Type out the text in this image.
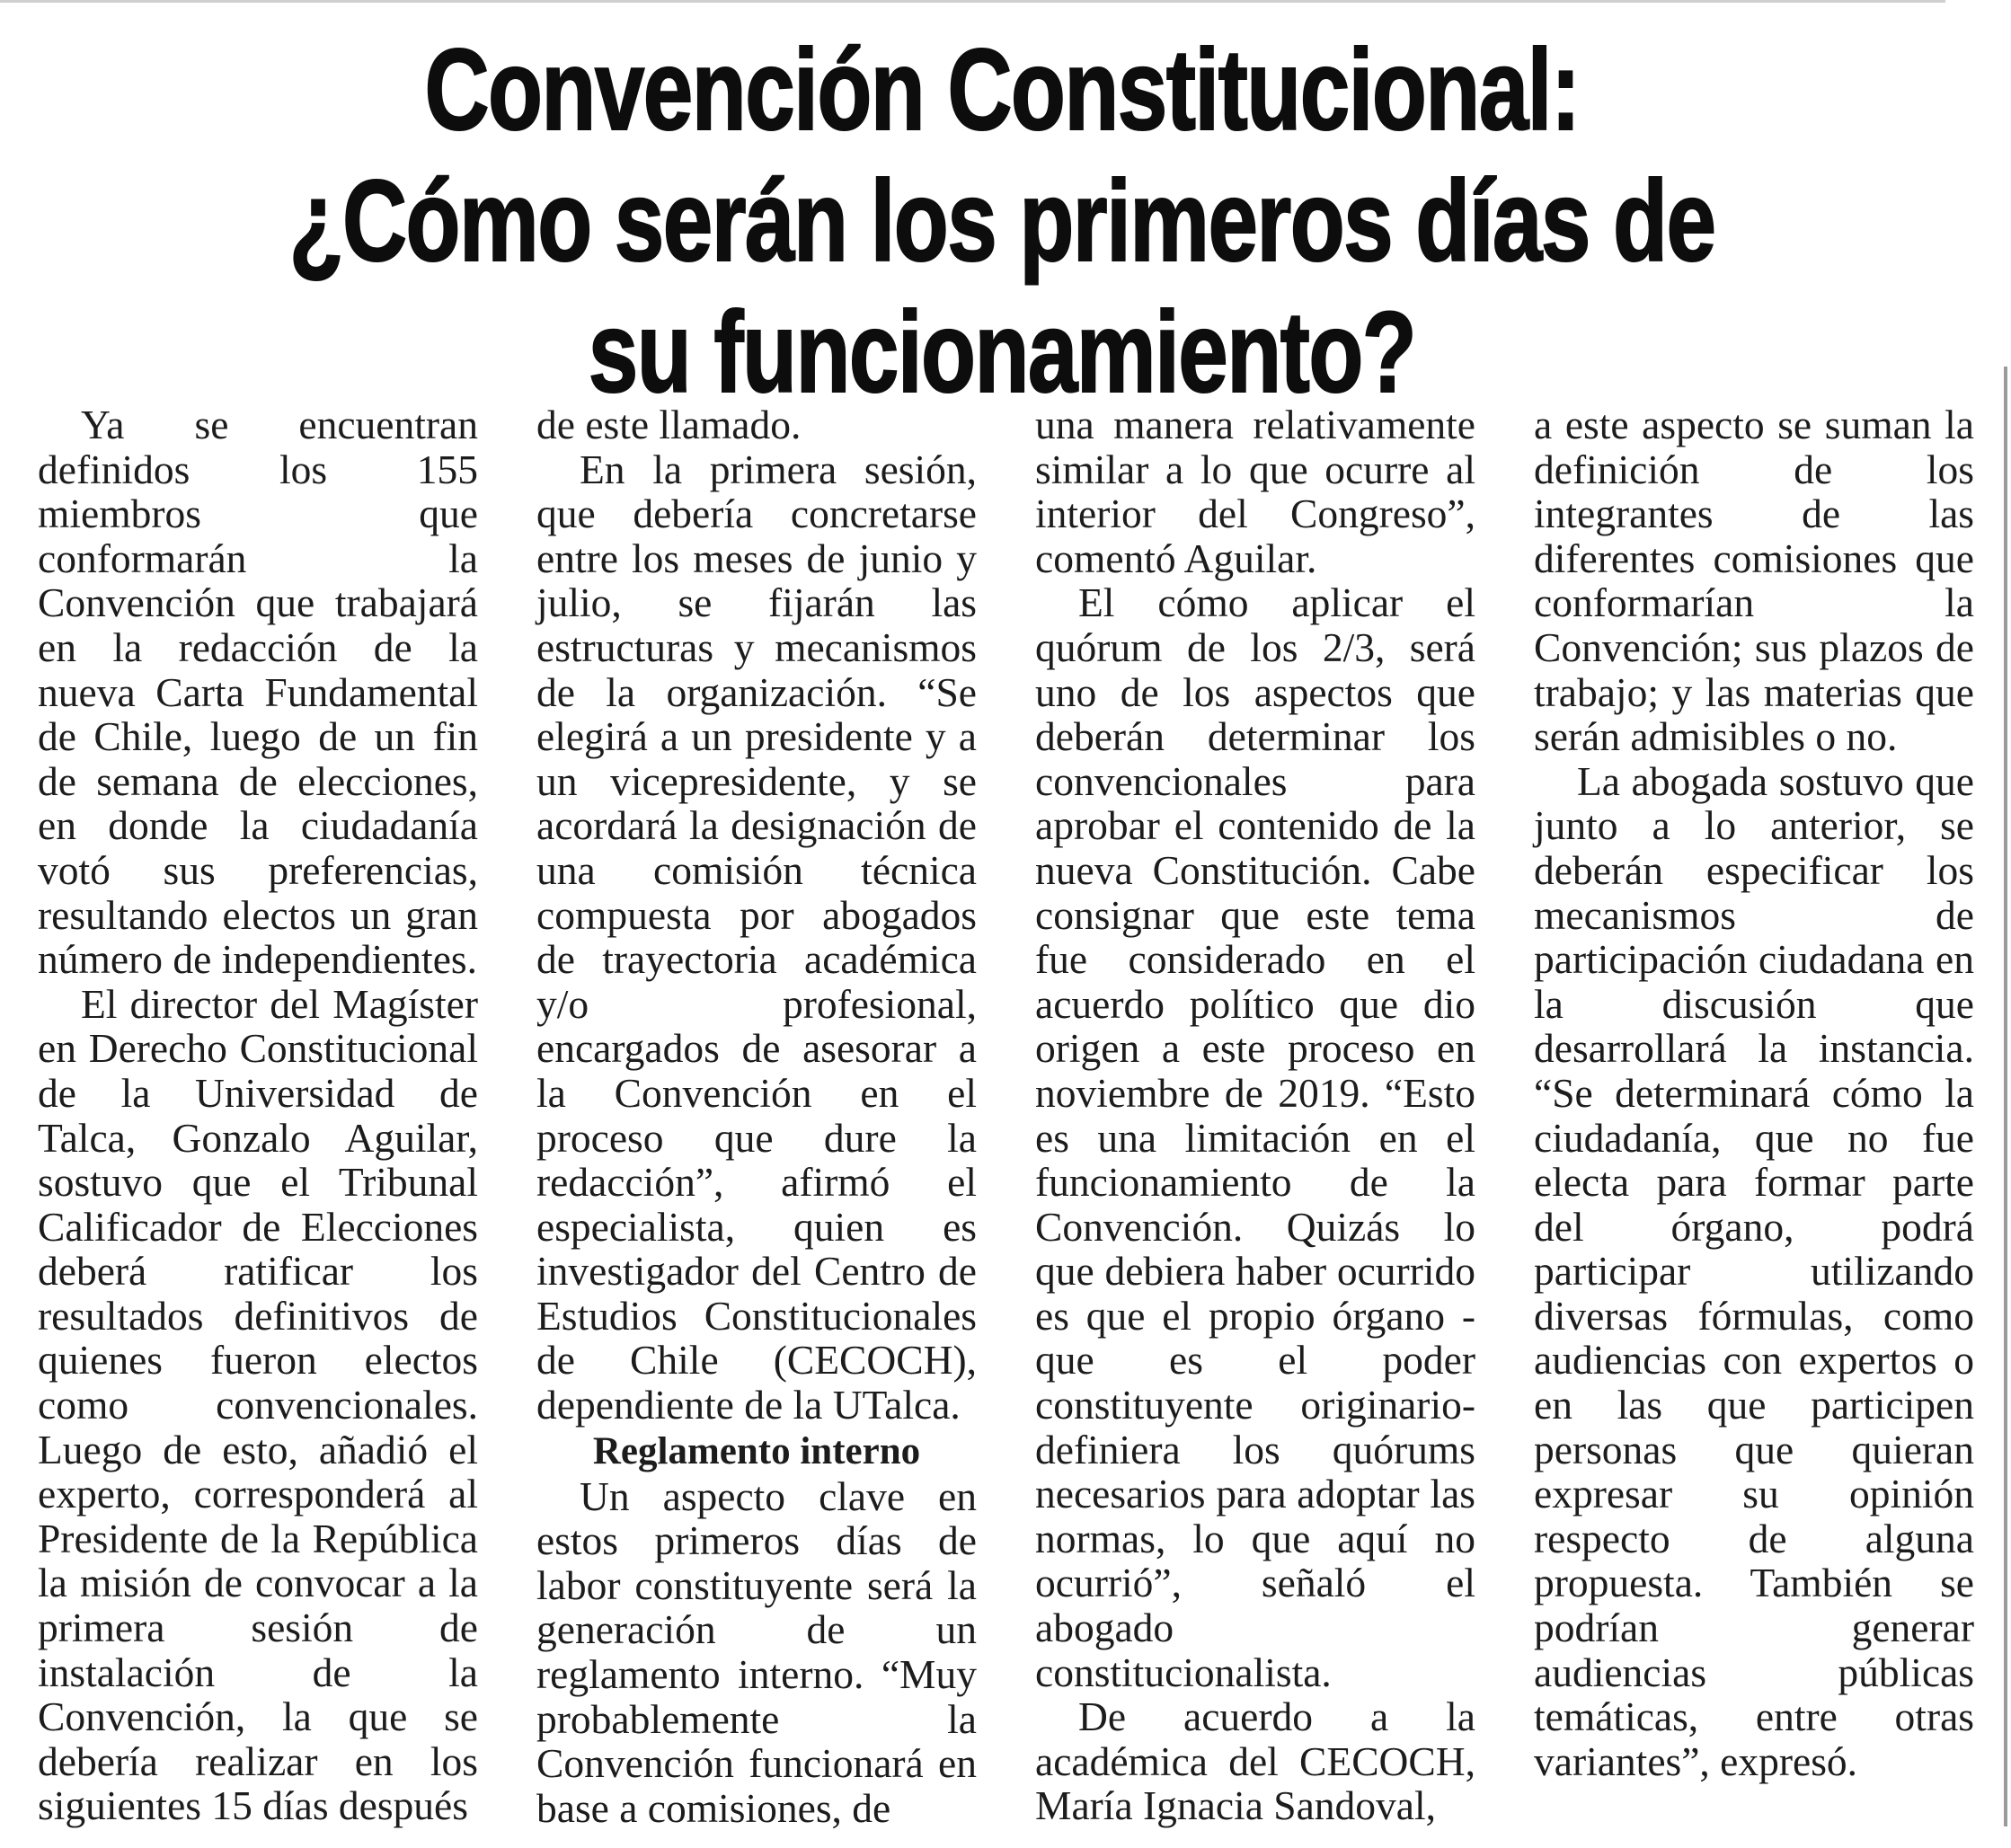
Convención Constitucional:
¿Cómo serán los primeros días de
su funcionamiento?

Ya se encuentran definidos los 155 miembros que conformarán la Convención que trabajará en la redacción de la nueva Carta Fundamental de Chile, luego de un fin de semana de elecciones, en donde la ciudadanía votó sus preferencias, resultando electos un gran número de independientes.

El director del Magíster en Derecho Constitucional de la Universidad de Talca, Gonzalo Aguilar, sostuvo que el Tribunal Calificador de Elecciones deberá ratificar los resultados definitivos de quienes fueron electos como convencionales. Luego de esto, añadió el experto, corresponderá al Presidente de la República la misión de convocar a la primera sesión de instalación de la Convención, la que se debería realizar en los siguientes 15 días después

de este llamado.

En la primera sesión, que debería concretarse entre los meses de junio y julio, se fijarán las estructuras y mecanismos de la organización. “Se elegirá a un presidente y a un vicepresidente, y se acordará la designación de una comisión técnica compuesta por abogados de trayectoria académica y/o profesional, encargados de asesorar a la Convención en el proceso que dure la redacción”, afirmó el especialista, quien es investigador del Centro de Estudios Constitucionales de Chile (CECOCH), dependiente de la UTalca.

Reglamento interno

Un aspecto clave en estos primeros días de labor constituyente será la generación de un reglamento interno. “Muy probablemente la Convención funcionará en base a comisiones, de

una manera relativamente similar a lo que ocurre al interior del Congreso”, comentó Aguilar.

El cómo aplicar el quórum de los 2/3, será uno de los aspectos que deberán determinar los convencionales para aprobar el contenido de la nueva Constitución. Cabe consignar que este tema fue considerado en el acuerdo político que dio origen a este proceso en noviembre de 2019. “Esto es una limitación en el funcionamiento de la Convención. Quizás lo que debiera haber ocurrido es que el propio órgano -que es el poder constituyente originario- definiera los quórums necesarios para adoptar las normas, lo que aquí no ocurrió”, señaló el abogado constitucionalista.

De acuerdo a la académica del CECOCH, María Ignacia Sandoval,

a este aspecto se suman la definición de los integrantes de las diferentes comisiones que conformarían la Convención; sus plazos de trabajo; y las materias que serán admisibles o no.

La abogada sostuvo que junto a lo anterior, se deberán especificar los mecanismos de participación ciudadana en la discusión que desarrollará la instancia. “Se determinará cómo la ciudadanía, que no fue electa para formar parte del órgano, podrá participar utilizando diversas fórmulas, como audiencias con expertos o en las que participen personas que quieran expresar su opinión respecto de alguna propuesta. También se podrían generar audiencias públicas temáticas, entre otras variantes”, expresó.
